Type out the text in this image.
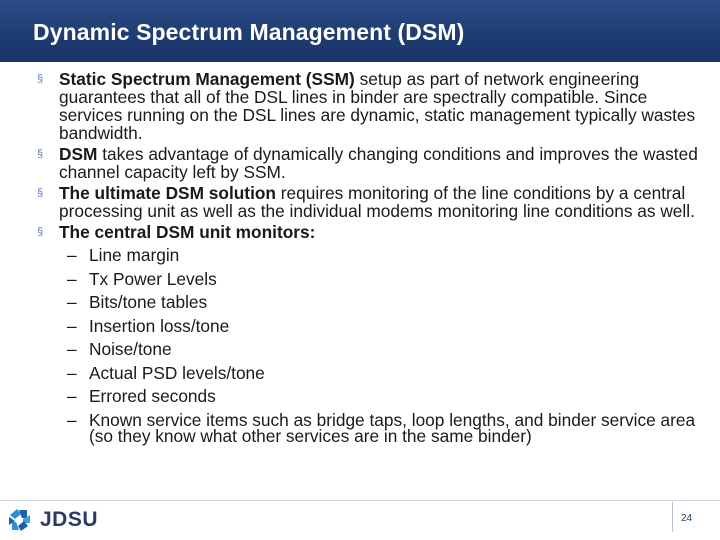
Dynamic Spectrum Management (DSM)
§ Static Spectrum Management (SSM) setup as part of network engineering guarantees that all of the DSL lines in binder are spectrally compatible. Since services running on the DSL lines are dynamic, static management typically wastes bandwidth.
§ DSM takes advantage of dynamically changing conditions and improves the wasted channel capacity left by SSM.
§ The ultimate DSM solution requires monitoring of the line conditions by a central processing unit as well as the individual modems monitoring line conditions as well.
§ The central DSM unit monitors:
– Line margin
– Tx Power Levels
– Bits/tone tables
– Insertion loss/tone
– Noise/tone
– Actual PSD levels/tone
– Errored seconds
– Known service items such as bridge taps, loop lengths, and binder service area (so they know what other services are in the same binder)
JDSU	24
